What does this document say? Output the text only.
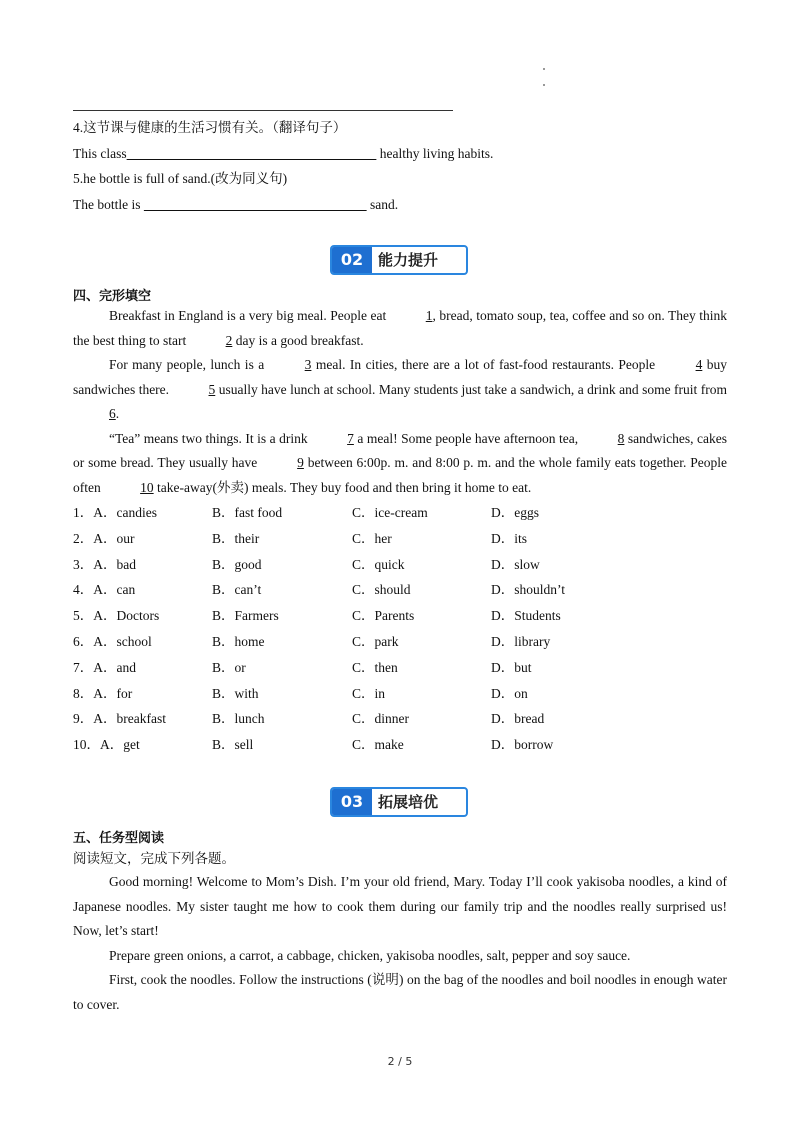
4.这节课与健康的生活习惯有关。（翻译句子）
This class	healthy living habits.
5.he bottle is full of sand.(改为同义句)
The bottle is	sand.
02 能力提升
四、完形填空

Breakfast in England is a very big meal. People eat	1, bread, tomato soup, tea, coffee and so on. They think the best thing to start	2 day is a good breakfast.

For many people, lunch is a	3 meal. In cities, there are a lot of fast-food restaurants. People	4 buy sandwiches there.	5 usually have lunch at school. Many students just take a sandwich, a drink and some fruit from 6.

“Tea” means two things. It is a drink	7 a meal! Some people have afternoon tea,	8 sandwiches, cakes or some bread. They usually have	9 between 6:00p. m. and 8:00 p. m. and the whole family eats together. People often	10 take-away(外卖) meals. They buy food and then bring it home to eat.

1．A．candies	B．fast food	C．ice-cream	D．eggs
2．A．our	B．their	C．her	D．its
3．A．bad	B．good	C．quick	D．slow
4．A．can	B．can’t	C．should	D．shouldn’t
5．A．Doctors	B．Farmers	C．Parents	D．Students
6．A．school	B．home	C．park	D．library
7．A．and	B．or	C．then	D．but
8．A．for	B．with	C．in	D．on
9．A．breakfast	B．lunch	C．dinner	D．bread
10．A．get	B．sell	C．make	D．borrow
03 拓展培优
五、任务型阅读
阅读短文，完成下列各题。

Good morning! Welcome to Mom’s Dish. I’m your old friend, Mary. Today I’ll cook yakisoba noodles, a kind of Japanese noodles. My sister taught me how to cook them during our family trip and the noodles really surprised us! Now, let’s start!

Prepare green onions, a carrot, a cabbage, chicken, yakisoba noodles, salt, pepper and soy sauce.

First, cook the noodles. Follow the instructions (说明) on the bag of the noodles and boil noodles in enough water to cover.

2 / 5
